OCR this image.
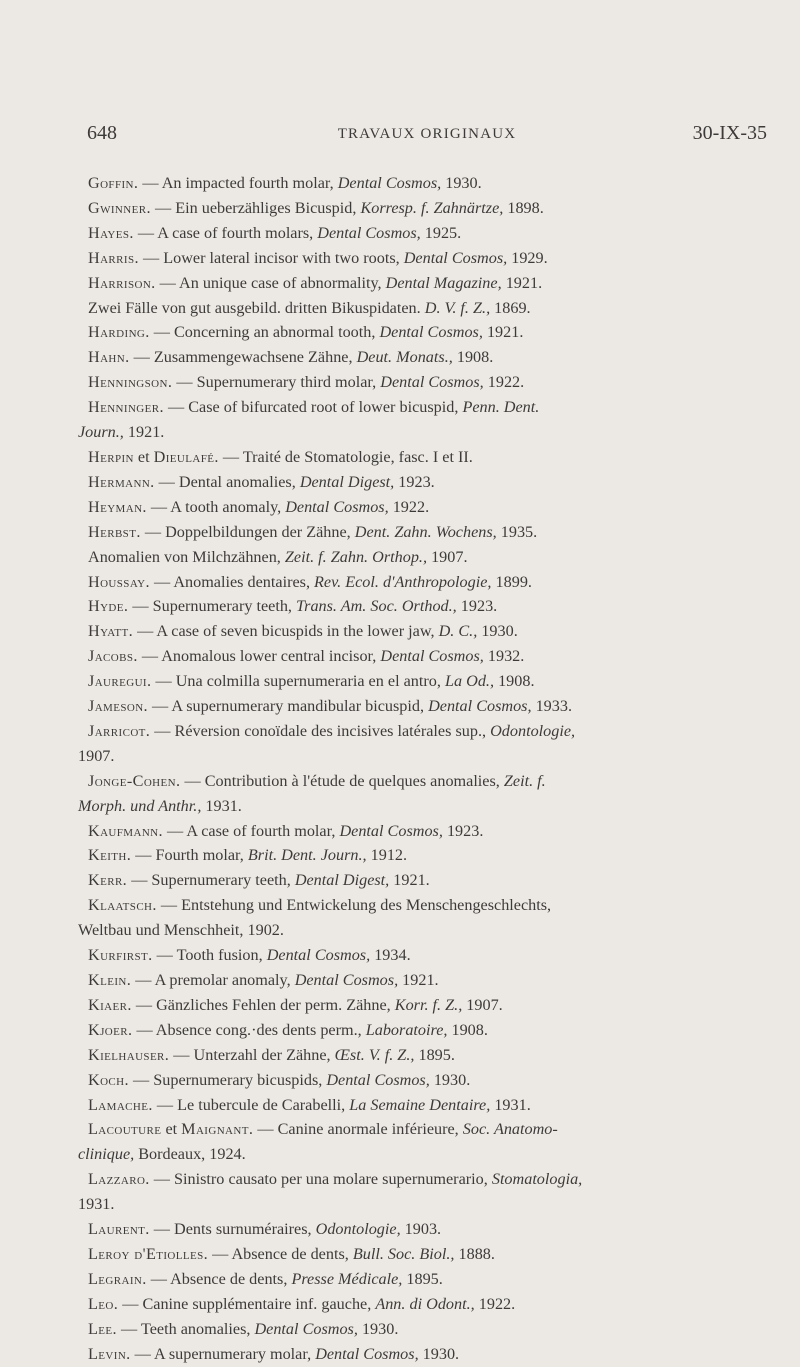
648	TRAVAUX ORIGINAUX	30-IX-35
Goffin. — An impacted fourth molar, Dental Cosmos, 1930.
Gwinner. — Ein ueberzähliges Bicuspid, Korresp. f. Zahnärtze, 1898.
Hayes. — A case of fourth molars, Dental Cosmos, 1925.
Harris. — Lower lateral incisor with two roots, Dental Cosmos, 1929.
Harrison. — An unique case of abnormality, Dental Magazine, 1921.
Zwei Fälle von gut ausgebild. dritten Bikuspidaten. D. V. f. Z., 1869.
Harding. — Concerning an abnormal tooth, Dental Cosmos, 1921.
Hahn. — Zusammengewachsene Zähne, Deut. Monats., 1908.
Henningson. — Supernumerary third molar, Dental Cosmos, 1922.
Henninger. — Case of bifurcated root of lower bicuspid, Penn. Dent.
Journ., 1921.
Herpin et Dieulafé. — Traité de Stomatologie, fasc. I et II.
Hermann. — Dental anomalies, Dental Digest, 1923.
Heyman. — A tooth anomaly, Dental Cosmos, 1922.
Herbst. — Doppelbildungen der Zähne, Dent. Zahn. Wochens, 1935.
Anomalien von Milchzähnen, Zeit. f. Zahn. Orthop., 1907.
Houssay. — Anomalies dentaires, Rev. Ecol. d'Anthropologie, 1899.
Hyde. — Supernumerary teeth, Trans. Am. Soc. Orthod., 1923.
Hyatt. — A case of seven bicuspids in the lower jaw, D. C., 1930.
Jacobs. — Anomalous lower central incisor, Dental Cosmos, 1932.
Jauregui. — Una colmilla supernumeraria en el antro, La Od., 1908.
Jameson. — A supernumerary mandibular bicuspid, Dental Cosmos, 1933.
Jarricot. — Réversion conoïdale des incisives latérales sup., Odontologie,
1907.
Jonge-Cohen. — Contribution à l'étude de quelques anomalies, Zeit. f.
Morph. und Anthr., 1931.
Kaufmann. — A case of fourth molar, Dental Cosmos, 1923.
Keith. — Fourth molar, Brit. Dent. Journ., 1912.
Kerr. — Supernumerary teeth, Dental Digest, 1921.
Klaatsch. — Entstehung und Entwickelung des Menschengeschlechts,
Weltbau und Menschheit, 1902.
Kurfirst. — Tooth fusion, Dental Cosmos, 1934.
Klein. — A premolar anomaly, Dental Cosmos, 1921.
Kiaer. — Gänzliches Fehlen der perm. Zähne, Korr. f. Z., 1907.
Kjoer. — Absence cong.·des dents perm., Laboratoire, 1908.
Kielhauser. — Unterzahl der Zähne, Œst. V. f. Z., 1895.
Koch. — Supernumerary bicuspids, Dental Cosmos, 1930.
Lamache. — Le tubercule de Carabelli, La Semaine Dentaire, 1931.
Lacouture et Maignant. — Canine anormale inférieure, Soc. Anatomo-
clinique, Bordeaux, 1924.
Lazzaro. — Sinistro causato per una molare supernumerario, Stomatologia,
1931.
Laurent. — Dents surnuméraires, Odontologie, 1903.
Leroy d'Etiolles. — Absence de dents, Bull. Soc. Biol., 1888.
Legrain. — Absence de dents, Presse Médicale, 1895.
Leo. — Canine supplémentaire inf. gauche, Ann. di Odont., 1922.
Lee. — Teeth anomalies, Dental Cosmos, 1930.
Levin. — A supernumerary molar, Dental Cosmos, 1930.
